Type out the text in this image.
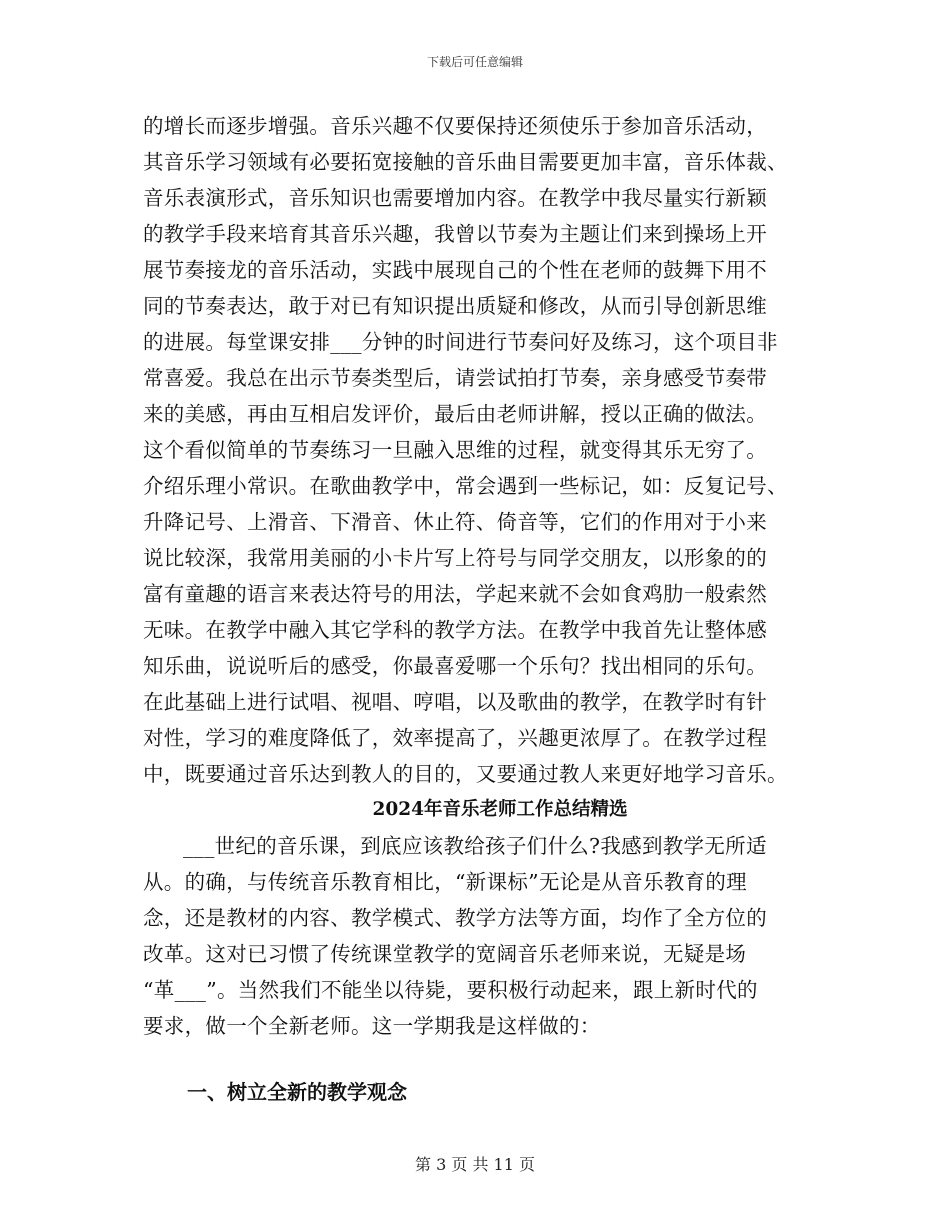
下载后可任意编辑
的增长而逐步增强。音乐兴趣不仅要保持还须使乐于参加音乐活动，
其音乐学习领域有必要拓宽接触的音乐曲目需要更加丰富，音乐体裁、
音乐表演形式，音乐知识也需要增加内容。在教学中我尽量实行新颖
的教学手段来培育其音乐兴趣，我曾以节奏为主题让们来到操场上开
展节奏接龙的音乐活动，实践中展现自己的个性在老师的鼓舞下用不
同的节奏表达，敢于对已有知识提出质疑和修改，从而引导创新思维
的进展。每堂课安排___分钟的时间进行节奏问好及练习，这个项目非
常喜爱。我总在出示节奏类型后，请尝试拍打节奏，亲身感受节奏带
来的美感，再由互相启发评价，最后由老师讲解，授以正确的做法。
这个看似简单的节奏练习一旦融入思维的过程，就变得其乐无穷了。
介绍乐理小常识。在歌曲教学中，常会遇到一些标记，如：反复记号、
升降记号、上滑音、下滑音、休止符、倚音等，它们的作用对于小来
说比较深，我常用美丽的小卡片写上符号与同学交朋友，以形象的的
富有童趣的语言来表达符号的用法，学起来就不会如食鸡肋一般索然
无味。在教学中融入其它学科的教学方法。在教学中我首先让整体感
知乐曲，说说听后的感受，你最喜爱哪一个乐句？找出相同的乐句。
在此基础上进行试唱、视唱、哼唱，以及歌曲的教学，在教学时有针
对性，学习的难度降低了，效率提高了，兴趣更浓厚了。在教学过程
中，既要通过音乐达到教人的目的，又要通过教人来更好地学习音乐。
2024年音乐老师工作总结精选
___世纪的音乐课，到底应该教给孩子们什么?我感到教学无所适
从。的确，与传统音乐教育相比，“新课标”无论是从音乐教育的理
念，还是教材的内容、教学模式、教学方法等方面，均作了全方位的
改革。这对已习惯了传统课堂教学的宽阔音乐老师来说，无疑是场
“革___”。当然我们不能坐以待毙，要积极行动起来，跟上新时代的
要求，做一个全新老师。这一学期我是这样做的：
一、树立全新的教学观念
第 3 页 共 11 页
